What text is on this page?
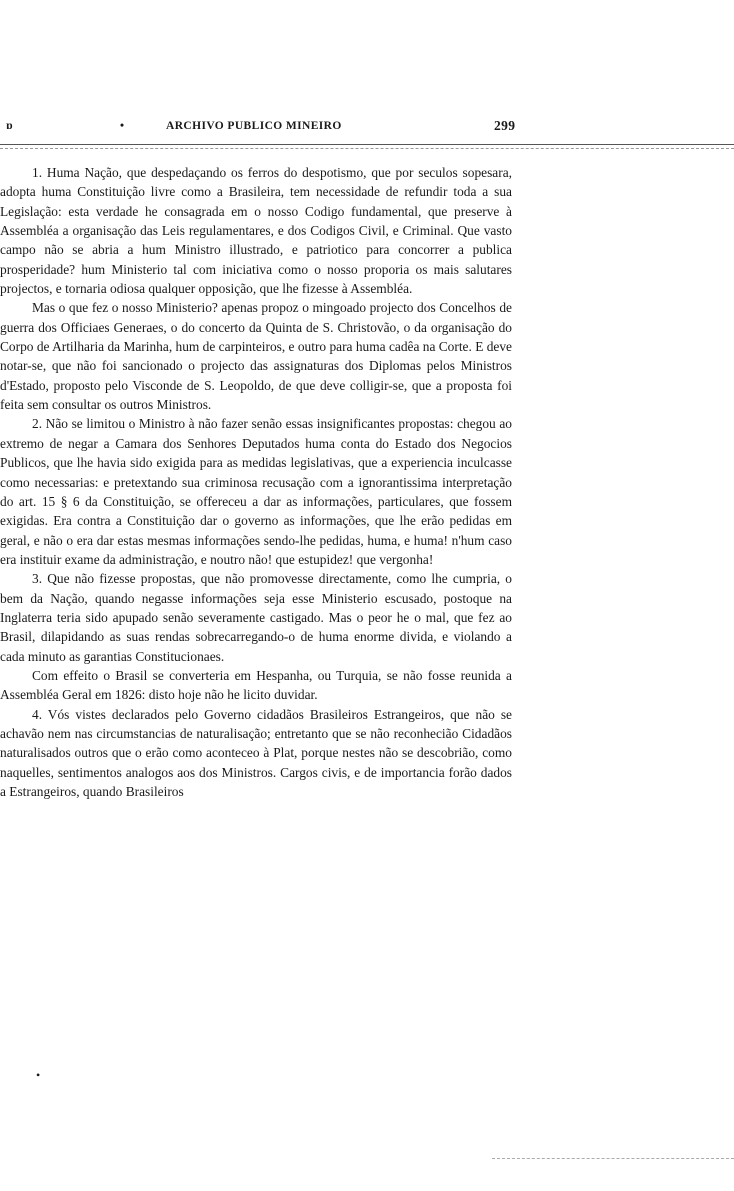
ɒ	•	ARCHIVO PUBLICO MINEIRO	299

1. Huma Nação, que despedaçando os ferros do despotismo, que por seculos sopesara, adopta huma Constituição livre como a Brasileira, tem necessidade de refundir toda a sua Legislação: esta verdade he consagrada em o nosso Codigo fundamental, que preserve à Assembléa a organisação das Leis regulamentares, e dos Codigos Civil, e Criminal. Que vasto campo não se abria a hum Ministro illustrado, e patriotico para concorrer a publica prosperidade? hum Ministerio tal com iniciativa como o nosso proporia os mais salutares projectos, e tornaria odiosa qualquer opposição, que lhe fizesse à Assembléa.

Mas o que fez o nosso Ministerio? apenas propoz o mingoado projecto dos Concelhos de guerra dos Officiaes Generaes, o do concerto da Quinta de S. Christovão, o da organisação do Corpo de Artilharia da Marinha, hum de carpinteiros, e outro para huma cadêa na Corte. E deve notar-se, que não foi sancionado o projecto das assignaturas dos Diplomas pelos Ministros d'Estado, proposto pelo Visconde de S. Leopoldo, de que deve colligir-se, que a proposta foi feita sem consultar os outros Ministros.

2. Não se limitou o Ministro à não fazer senão essas insignificantes propostas: chegou ao extremo de negar a Camara dos Senhores Deputados huma conta do Estado dos Negocios Publicos, que lhe havia sido exigida para as medidas legislativas, que a experiencia inculcasse como necessarias: e pretextando sua criminosa recusação com a ignorantissima interpretação do art. 15 § 6 da Constituição, se offereceu a dar as informações, particulares, que fossem exigidas. Era contra a Constituição dar o governo as informações, que lhe erão pedidas em geral, e não o era dar estas mesmas informações sendo-lhe pedidas, huma, e huma! n'hum caso era instituir exame da administração, e noutro não! que estupidez! que vergonha!

3. Que não fizesse propostas, que não promovesse directamente, como lhe cumpria, o bem da Nação, quando negasse informações seja esse Ministerio escusado, postoque na Inglaterra teria sido apupado senão severamente castigado. Mas o peor he o mal, que fez ao Brasil, dilapidando as suas rendas sobrecarregando-o de huma enorme divida, e violando a cada minuto as garantias Constitucionaes.

Com effeito o Brasil se converteria em Hespanha, ou Turquia, se não fosse reunida a Assembléa Geral em 1826: disto hoje não he licito duvidar.

4. Vós vistes declarados pelo Governo cidadãos Brasileiros Estrangeiros, que não se achavão nem nas circumstancias de naturalisação; entretanto que se não reconhecião Cidadãos naturalisados outros que o erão como aconteceo à Plat, porque nestes não se descobrião, como naquelles, sentimentos analogos aos dos Ministros. Cargos civis, e de importancia forão dados a Estrangeiros, quando Brasileiros

•
